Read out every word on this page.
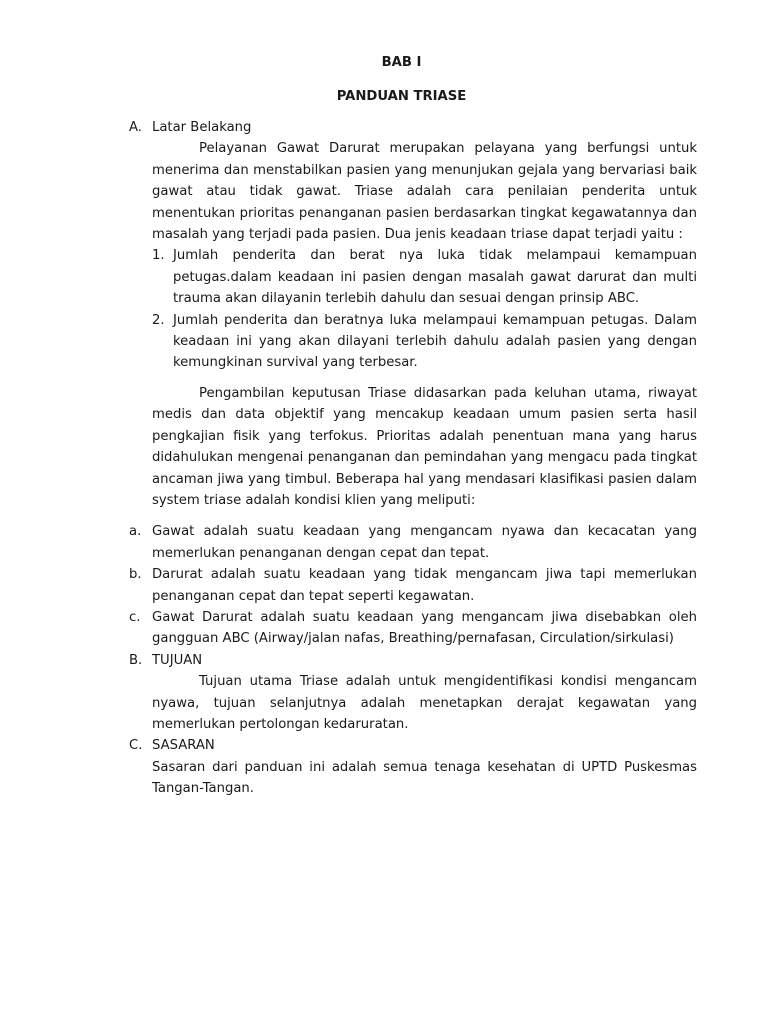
BAB I
PANDUAN TRIASE
A. Latar Belakang
Pelayanan Gawat Darurat merupakan pelayana yang berfungsi untuk menerima dan menstabilkan pasien yang menunjukan gejala yang bervariasi baik gawat atau tidak gawat. Triase adalah cara penilaian penderita untuk menentukan prioritas penanganan pasien berdasarkan tingkat kegawatannya dan masalah yang terjadi pada pasien. Dua jenis keadaan triase dapat terjadi yaitu :
1. Jumlah penderita dan berat nya luka tidak melampaui kemampuan petugas.dalam keadaan ini pasien dengan masalah gawat darurat dan multi trauma akan dilayanin terlebih dahulu dan sesuai dengan prinsip ABC.
2. Jumlah penderita dan beratnya luka melampaui kemampuan petugas. Dalam keadaan ini yang akan dilayani terlebih dahulu adalah pasien yang dengan kemungkinan survival yang terbesar.
Pengambilan keputusan Triase didasarkan pada keluhan utama, riwayat medis dan data objektif yang mencakup keadaan umum pasien serta hasil pengkajian fisik yang terfokus. Prioritas adalah penentuan mana yang harus didahulukan mengenai penanganan dan pemindahan yang mengacu pada tingkat ancaman jiwa yang timbul. Beberapa hal yang mendasari klasifikasi pasien dalam system triase adalah kondisi klien yang meliputi:
a. Gawat adalah suatu keadaan yang mengancam nyawa dan kecacatan yang memerlukan penanganan dengan cepat dan tepat.
b. Darurat adalah suatu keadaan yang tidak mengancam jiwa tapi memerlukan penanganan cepat dan tepat seperti kegawatan.
c. Gawat Darurat adalah suatu keadaan yang mengancam jiwa disebabkan oleh gangguan ABC (Airway/jalan nafas, Breathing/pernafasan, Circulation/sirkulasi)
B. TUJUAN
Tujuan utama Triase adalah untuk mengidentifikasi kondisi mengancam nyawa, tujuan selanjutnya adalah menetapkan derajat kegawatan yang memerlukan pertolongan kedaruratan.
C. SASARAN
Sasaran dari panduan ini adalah semua tenaga kesehatan di UPTD Puskesmas Tangan-Tangan.
